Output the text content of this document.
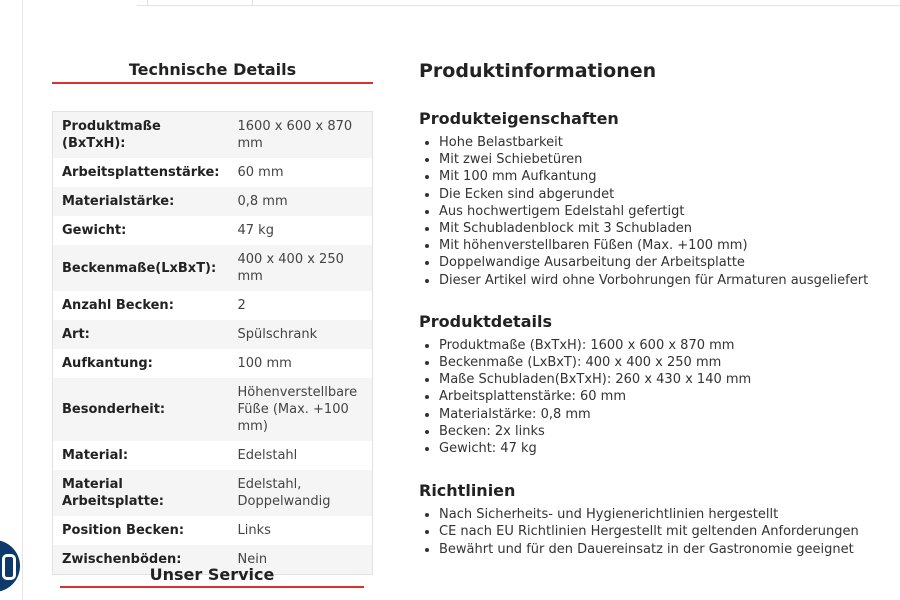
Technische Details
Produktmaße (BxTxH):	1600 x 600 x 870 mm
Arbeitsplattenstärke:	60 mm
Materialstärke:	0,8 mm
Gewicht:	47 kg
Beckenmaße(LxBxT):	400 x 400 x 250 mm
Anzahl Becken:	2
Art:	Spülschrank
Aufkantung:	100 mm
Besonderheit:	Höhenverstellbare Füße (Max. +100 mm)
Material:	Edelstahl
Material Arbeitsplatte:	Edelstahl, Doppelwandig
Position Becken:	Links
Zwischenböden:	Nein
Unser Service
Produktinformationen
Produkteigenschaften
• Hohe Belastbarkeit
• Mit zwei Schiebetüren
• Mit 100 mm Aufkantung
• Die Ecken sind abgerundet
• Aus hochwertigem Edelstahl gefertigt
• Mit Schubladenblock mit 3 Schubladen
• Mit höhenverstellbaren Füßen (Max. +100 mm)
• Doppelwandige Ausarbeitung der Arbeitsplatte
• Dieser Artikel wird ohne Vorbohrungen für Armaturen ausgeliefert
Produktdetails
• Produktmaße (BxTxH): 1600 x 600 x 870 mm
• Beckenmaße (LxBxT): 400 x 400 x 250 mm
• Maße Schubladen(BxTxH): 260 x 430 x 140 mm
• Arbeitsplattenstärke: 60 mm
• Materialstärke: 0,8 mm
• Becken: 2x links
• Gewicht: 47 kg
Richtlinien
• Nach Sicherheits- und Hygienerichtlinien hergestellt
• CE nach EU Richtlinien Hergestellt mit geltenden Anforderungen
• Bewährt und für den Dauereinsatz in der Gastronomie geeignet
